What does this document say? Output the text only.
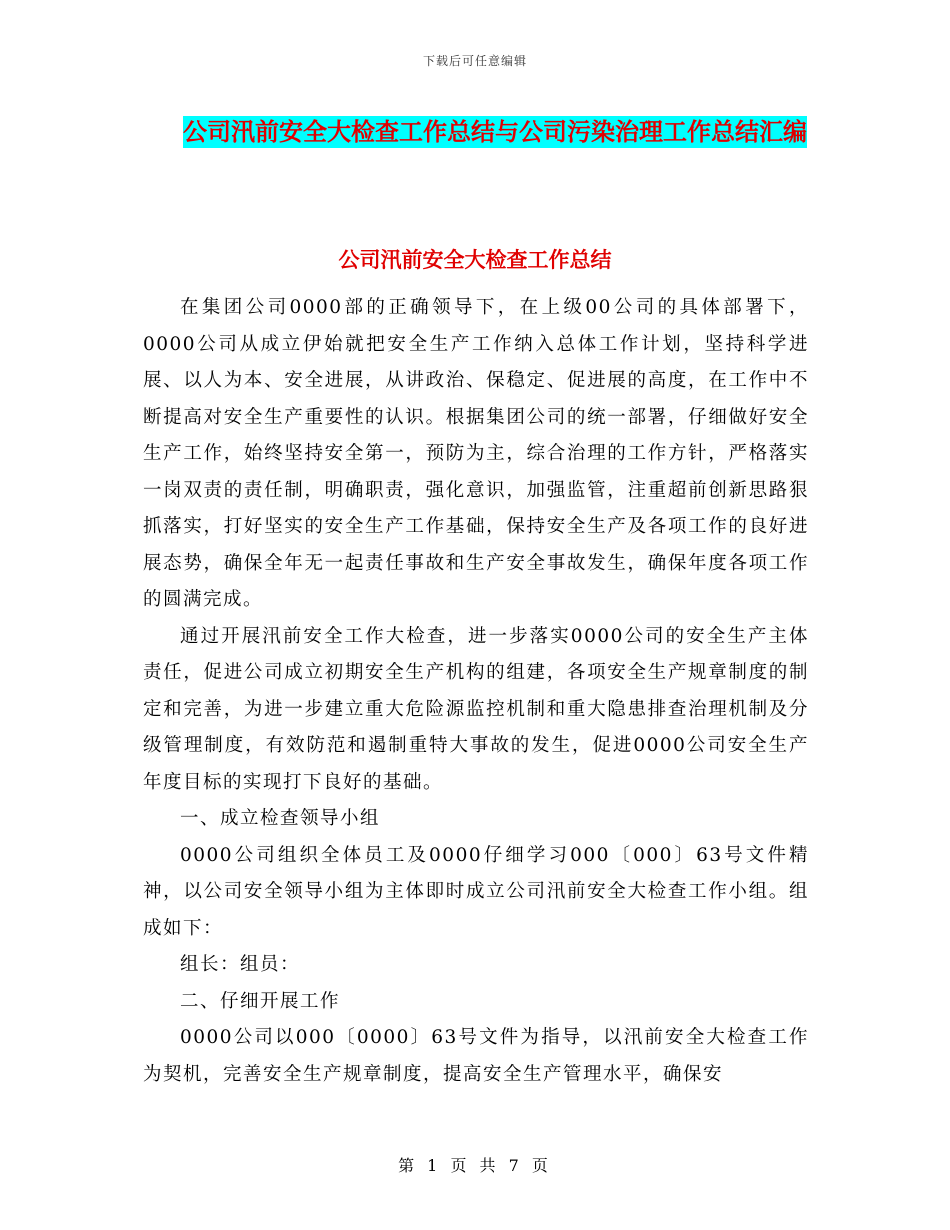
下载后可任意编辑
公司汛前安全大检查工作总结与公司污染治理工作总结汇编
公司汛前安全大检查工作总结

在集团公司0000部的正确领导下，在上级00公司的具体部署下，0000公司从成立伊始就把安全生产工作纳入总体工作计划，坚持科学进展、以人为本、安全进展，从讲政治、保稳定、促进展的高度，在工作中不断提高对安全生产重要性的认识。根据集团公司的统一部署，仔细做好安全生产工作，始终坚持安全第一，预防为主，综合治理的工作方针，严格落实一岗双责的责任制，明确职责，强化意识，加强监管，注重超前创新思路狠抓落实，打好坚实的安全生产工作基础，保持安全生产及各项工作的良好进展态势，确保全年无一起责任事故和生产安全事故发生，确保年度各项工作的圆满完成。

通过开展汛前安全工作大检查，进一步落实0000公司的安全生产主体责任，促进公司成立初期安全生产机构的组建，各项安全生产规章制度的制定和完善，为进一步建立重大危险源监控机制和重大隐患排查治理机制及分级管理制度，有效防范和遏制重特大事故的发生，促进0000公司安全生产年度目标的实现打下良好的基础。

一、成立检查领导小组

0000公司组织全体员工及0000仔细学习000〔000〕63号文件精神，以公司安全领导小组为主体即时成立公司汛前安全大检查工作小组。组成如下：

组长：组员：

二、仔细开展工作

0000公司以000〔0000〕63号文件为指导，以汛前安全大检查工作为契机，完善安全生产规章制度，提高安全生产管理水平，确保安

第 1 页 共 7 页
